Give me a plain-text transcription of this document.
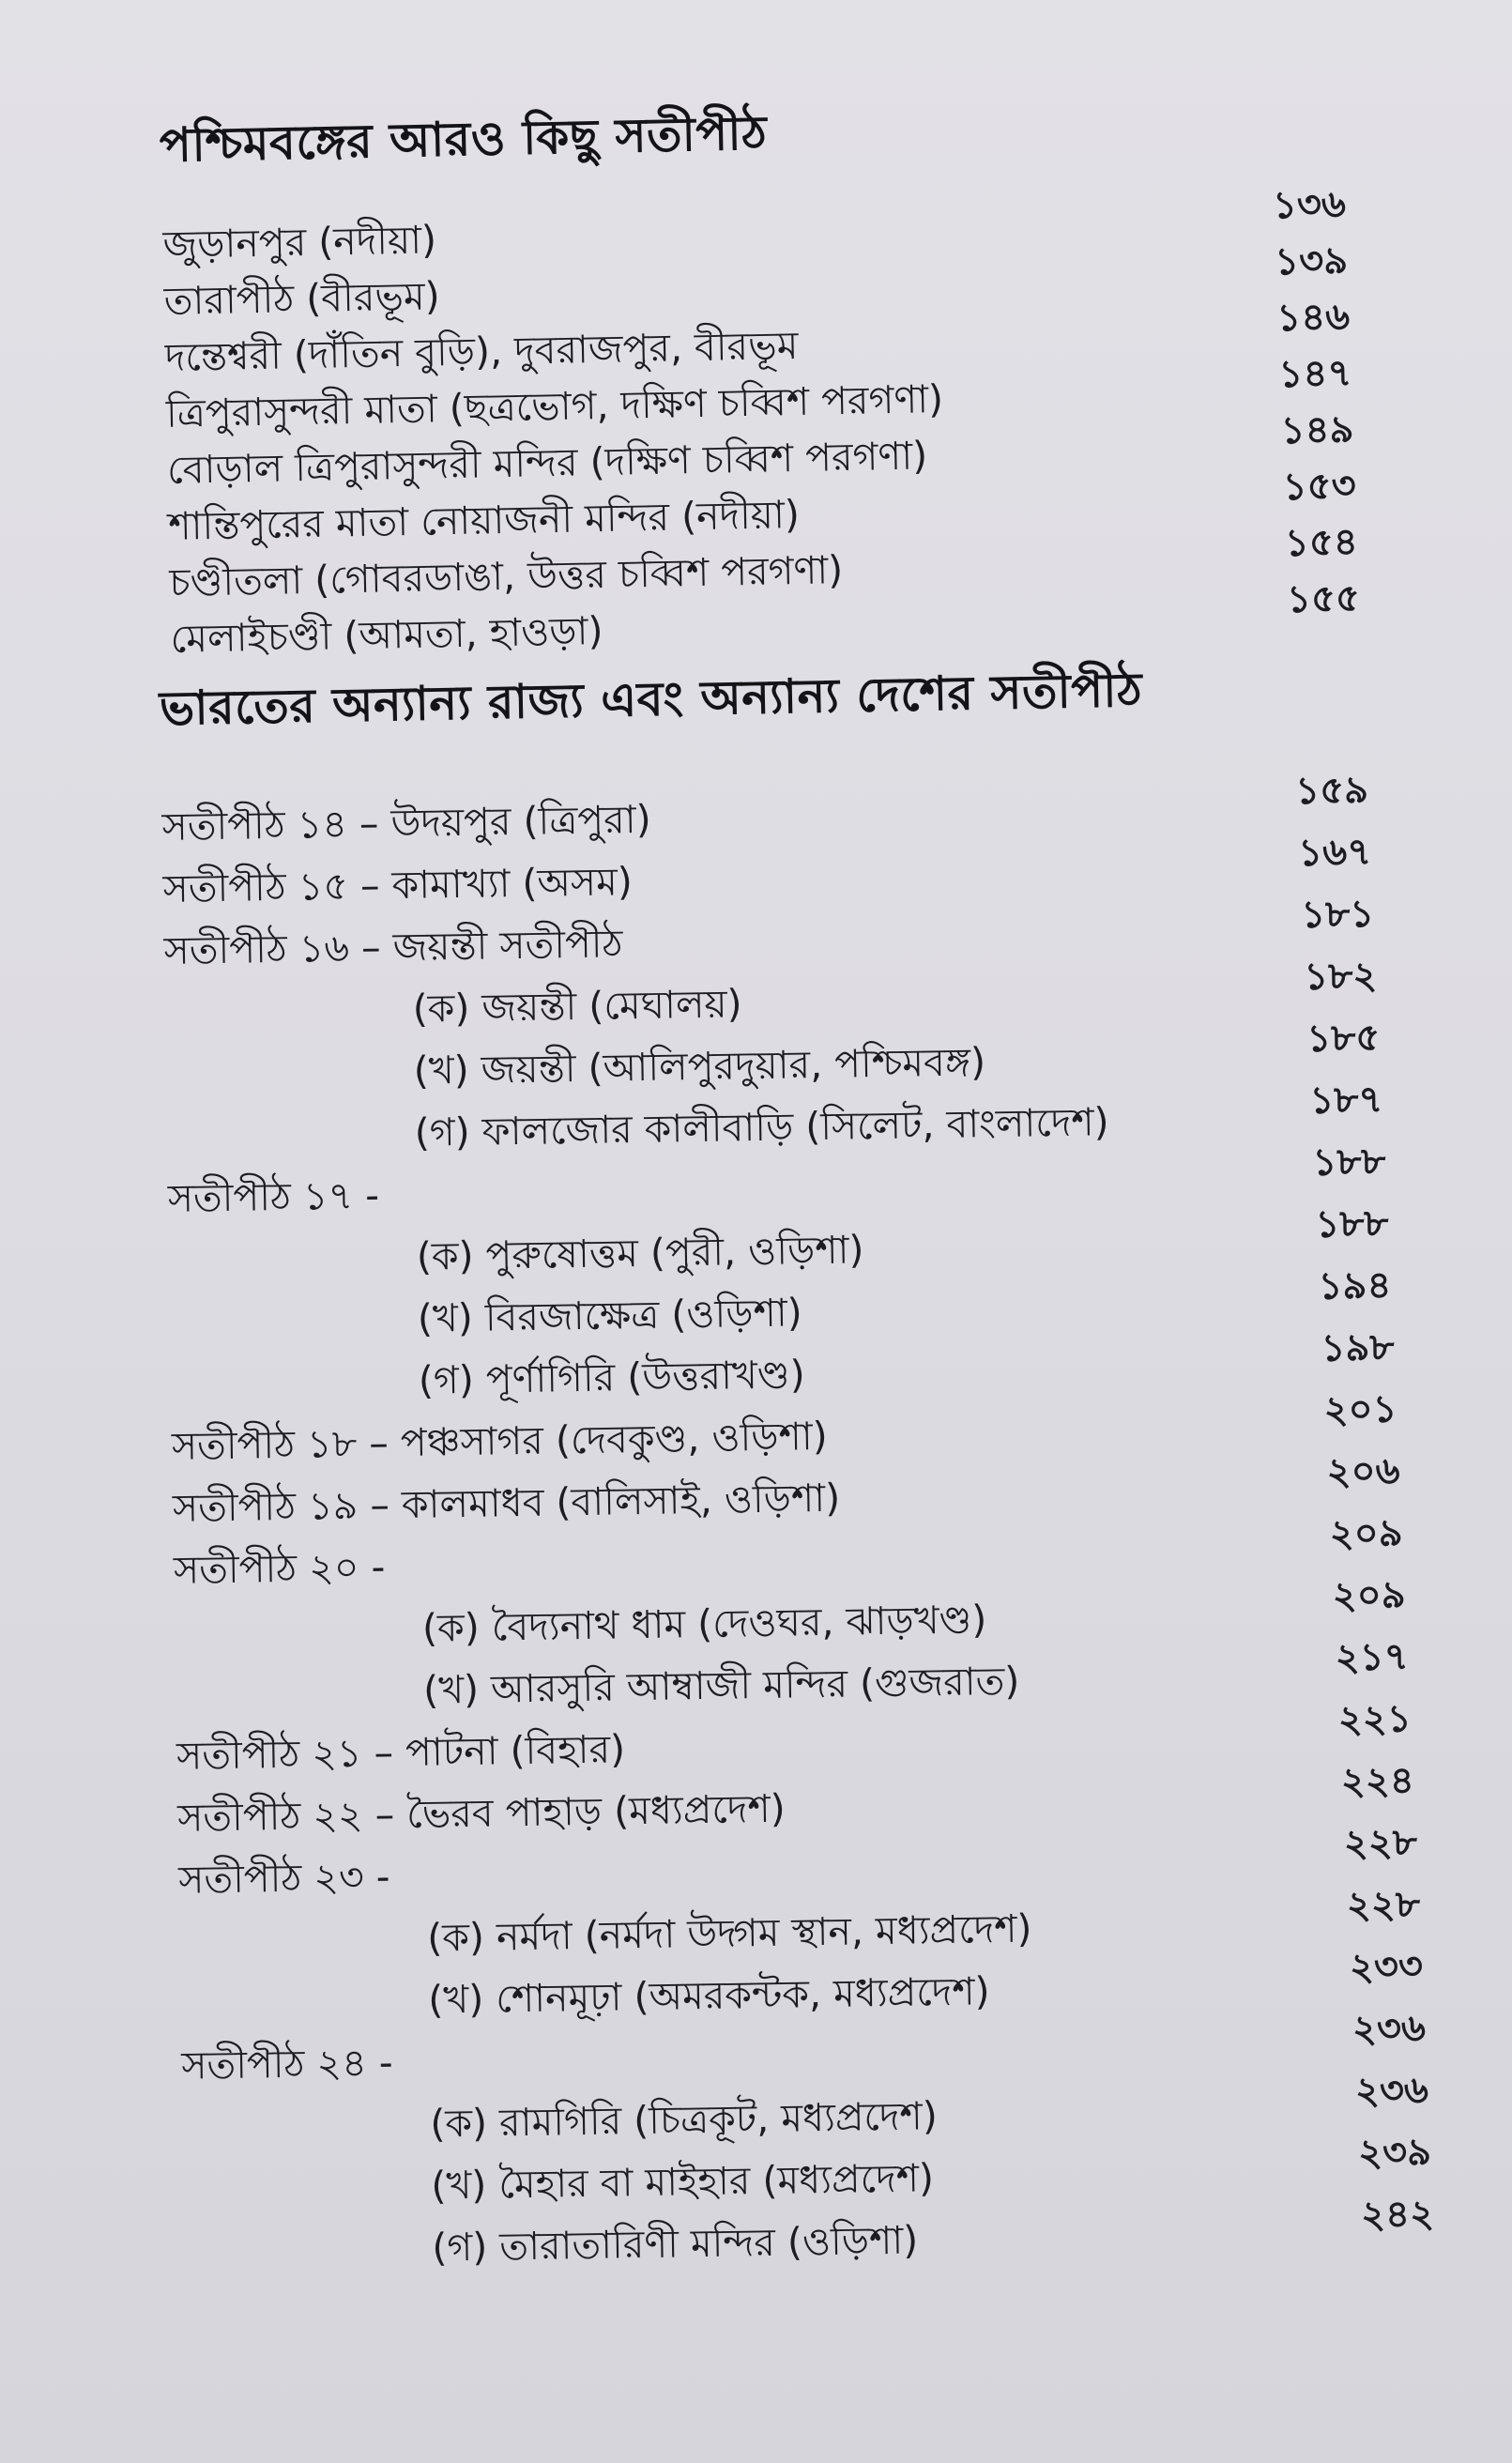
পশ্চিমবঙ্গের আরও কিছু সতীপীঠ
জুড়ানপুর (নদীয়া)
১৩৬
তারাপীঠ (বীরভূম)
১৩৯
দন্তেশ্বরী (দাঁতিন বুড়ি), দুবরাজপুর, বীরভূম
১৪৬
ত্রিপুরাসুন্দরী মাতা (ছত্রভোগ, দক্ষিণ চব্বিশ পরগণা)
১৪৭
বোড়াল ত্রিপুরাসুন্দরী মন্দির (দক্ষিণ চব্বিশ পরগণা)
১৪৯
শান্তিপুরের মাতা নোয়াজনী মন্দির (নদীয়া)
১৫৩
চণ্ডীতলা (গোবরডাঙা, উত্তর চব্বিশ পরগণা)
১৫৪
মেলাইচণ্ডী (আমতা, হাওড়া)
১৫৫
ভারতের অন্যান্য রাজ্য এবং অন্যান্য দেশের সতীপীঠ
সতীপীঠ ১৪ – উদয়পুর (ত্রিপুরা)
১৫৯
সতীপীঠ ১৫ – কামাখ্যা (অসম)
১৬৭
সতীপীঠ ১৬ – জয়ন্তী সতীপীঠ
১৮১
(ক) জয়ন্তী (মেঘালয়)
১৮২
(খ) জয়ন্তী (আলিপুরদুয়ার, পশ্চিমবঙ্গ)
১৮৫
(গ) ফালজোর কালীবাড়ি (সিলেট, বাংলাদেশ)	১৮৭
সতীপীঠ ১৭ -
১৮৮
(ক) পুরুষোত্তম (পুরী, ওড়িশা)
১৮৮
(খ) বিরজাক্ষেত্র (ওড়িশা)
১৯৪
(গ) পূর্ণাগিরি (উত্তরাখণ্ড)
১৯৮
সতীপীঠ ১৮ – পঞ্চসাগর (দেবকুণ্ড, ওড়িশা)
২০১
সতীপীঠ ১৯ – কালমাধব (বালিসাই, ওড়িশা)
২০৬
সতীপীঠ ২০ -
২০৯
(ক) বৈদ্যনাথ ধাম (দেওঘর, ঝাড়খণ্ড)
২০৯
(খ) আরসুরি আম্বাজী মন্দির (গুজরাত)
২১৭
সতীপীঠ ২১ – পাটনা (বিহার)
২২১
সতীপীঠ ২২ – ভৈরব পাহাড় (মধ্যপ্রদেশ)
২২৪
সতীপীঠ ২৩ -
২২৮
(ক) নর্মদা (নর্মদা উদ্গম স্থান, মধ্যপ্রদেশ)
২২৮
(খ) শোনমূঢ়া (অমরকন্টক, মধ্যপ্রদেশ)
২৩৩
সতীপীঠ ২৪ -
২৩৬
(ক) রামগিরি (চিত্রকূট, মধ্যপ্রদেশ)
২৩৬
(খ) মৈহার বা মাইহার (মধ্যপ্রদেশ)
২৩৯
(গ) তারাতারিণী মন্দির (ওড়িশা)
২৪২
